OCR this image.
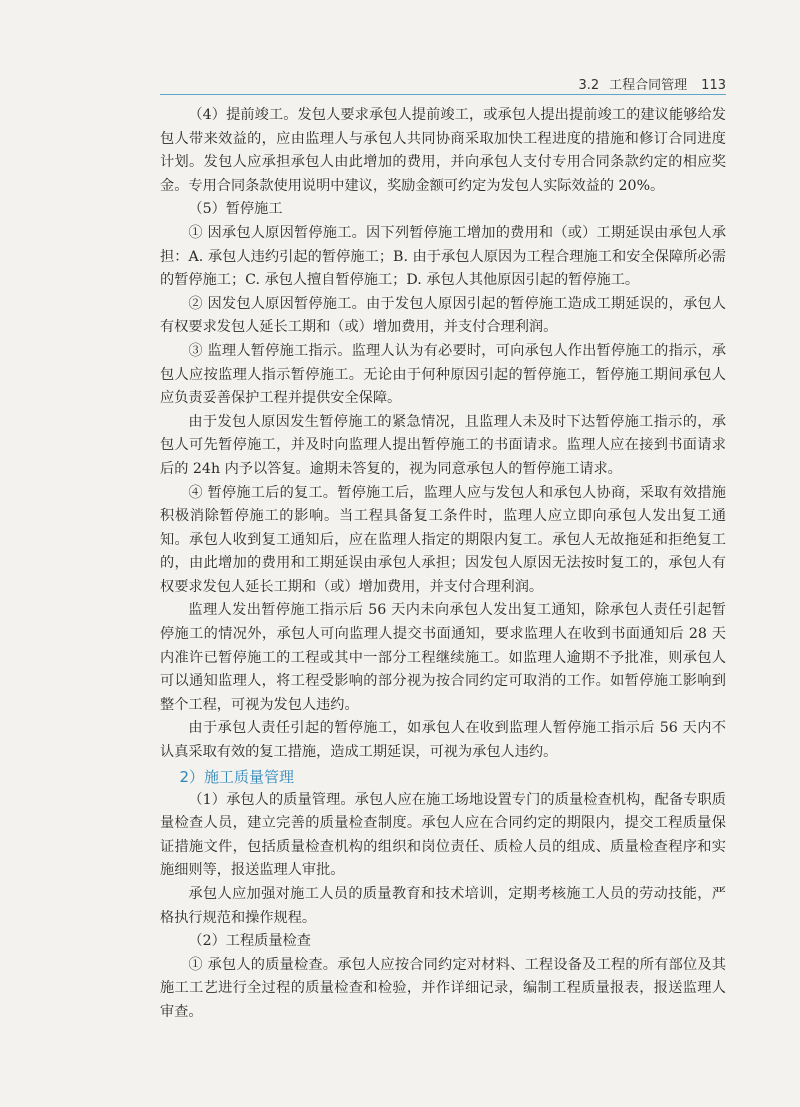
3.2 工程合同管理 113

（4）提前竣工。发包人要求承包人提前竣工，或承包人提出提前竣工的建议能够给发包人带来效益的，应由监理人与承包人共同协商采取加快工程进度的措施和修订合同进度计划。发包人应承担承包人由此增加的费用，并向承包人支付专用合同条款约定的相应奖金。专用合同条款使用说明中建议，奖励金额可约定为发包人实际效益的 20%。

（5）暂停施工

① 因承包人原因暂停施工。因下列暂停施工增加的费用和（或）工期延误由承包人承担：A. 承包人违约引起的暂停施工；B. 由于承包人原因为工程合理施工和安全保障所必需的暂停施工；C. 承包人擅自暂停施工；D. 承包人其他原因引起的暂停施工。

② 因发包人原因暂停施工。由于发包人原因引起的暂停施工造成工期延误的，承包人有权要求发包人延长工期和（或）增加费用，并支付合理利润。

③ 监理人暂停施工指示。监理人认为有必要时，可向承包人作出暂停施工的指示，承包人应按监理人指示暂停施工。无论由于何种原因引起的暂停施工，暂停施工期间承包人应负责妥善保护工程并提供安全保障。

由于发包人原因发生暂停施工的紧急情况，且监理人未及时下达暂停施工指示的，承包人可先暂停施工，并及时向监理人提出暂停施工的书面请求。监理人应在接到书面请求后的 24h 内予以答复。逾期未答复的，视为同意承包人的暂停施工请求。

④ 暂停施工后的复工。暂停施工后，监理人应与发包人和承包人协商，采取有效措施积极消除暂停施工的影响。当工程具备复工条件时，监理人应立即向承包人发出复工通知。承包人收到复工通知后，应在监理人指定的期限内复工。承包人无故拖延和拒绝复工的，由此增加的费用和工期延误由承包人承担；因发包人原因无法按时复工的，承包人有权要求发包人延长工期和（或）增加费用，并支付合理利润。

监理人发出暂停施工指示后 56 天内未向承包人发出复工通知，除承包人责任引起暂停施工的情况外，承包人可向监理人提交书面通知，要求监理人在收到书面通知后 28 天内准许已暂停施工的工程或其中一部分工程继续施工。如监理人逾期不予批准，则承包人可以通知监理人，将工程受影响的部分视为按合同约定可取消的工作。如暂停施工影响到整个工程，可视为发包人违约。

由于承包人责任引起的暂停施工，如承包人在收到监理人暂停施工指示后 56 天内不认真采取有效的复工措施，造成工期延误，可视为承包人违约。

2）施工质量管理

（1）承包人的质量管理。承包人应在施工场地设置专门的质量检查机构，配备专职质量检查人员，建立完善的质量检查制度。承包人应在合同约定的期限内，提交工程质量保证措施文件，包括质量检查机构的组织和岗位责任、质检人员的组成、质量检查程序和实施细则等，报送监理人审批。

承包人应加强对施工人员的质量教育和技术培训，定期考核施工人员的劳动技能，严格执行规范和操作规程。

（2）工程质量检查

① 承包人的质量检查。承包人应按合同约定对材料、工程设备及工程的所有部位及其施工工艺进行全过程的质量检查和检验，并作详细记录，编制工程质量报表，报送监理人审查。
